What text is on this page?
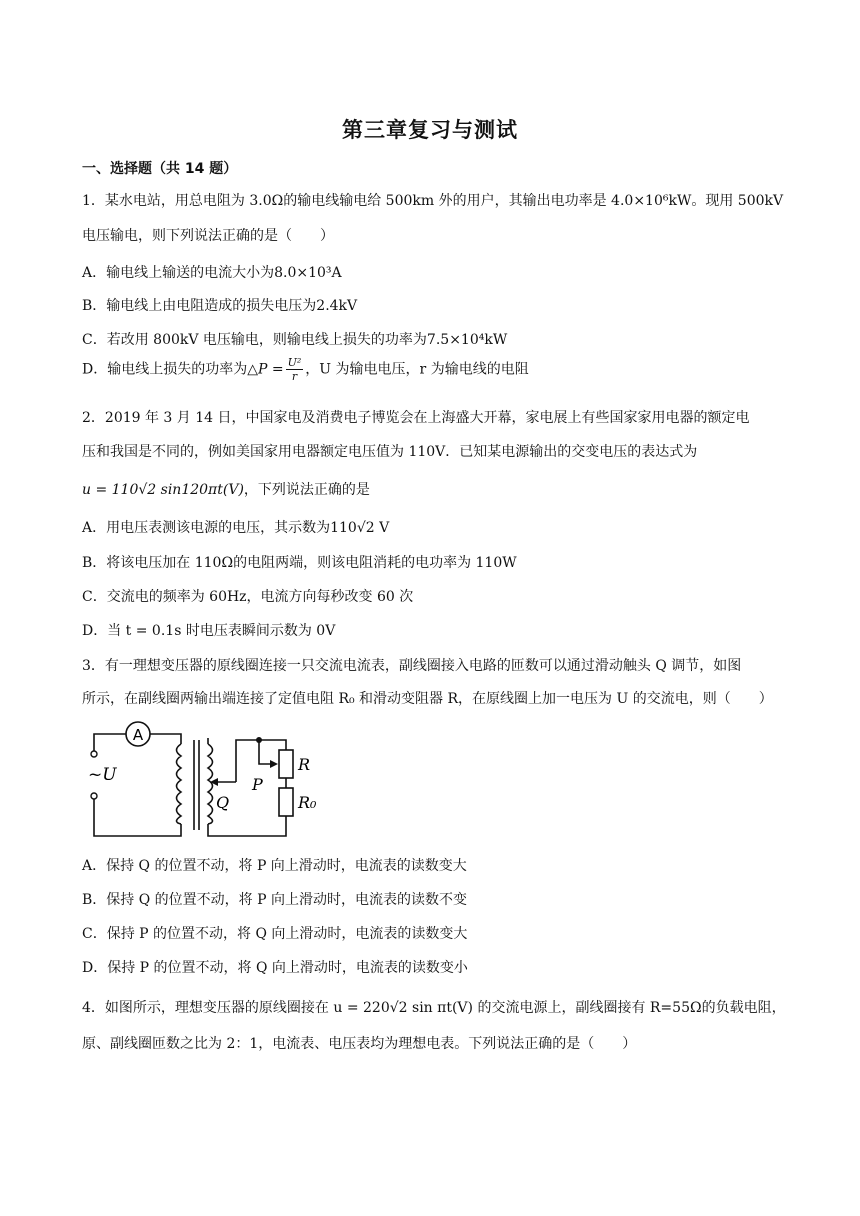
第三章复习与测试
一、选择题（共 14 题）
1．某水电站，用总电阻为 3.0Ω的输电线输电给 500km 外的用户，其输出电功率是 4.0×10⁶kW。现用 500kV
电压输电，则下列说法正确的是（　　）
A．输电线上输送的电流大小为8.0×10³A
B．输电线上由电阻造成的损失电压为2.4kV
C．若改用 800kV 电压输电，则输电线上损失的功率为7.5×10⁴kW
D．输电线上损失的功率为△P = $\frac{\text{U²}}{r}$ ，U 为输电电压，r 为输电线的电阻
2．2019 年 3 月 14 日，中国家电及消费电子博览会在上海盛大开幕，家电展上有些国家家用电器的额定电
压和我国是不同的，例如美国家用电器额定电压值为 110V．已知某电源输出的交变电压的表达式为
u = 110√2 sin120πt(V)，下列说法正确的是
A．用电压表测该电源的电压，其示数为110√2 V
B．将该电压加在 110Ω的电阻两端，则该电阻消耗的电功率为 110W
C．交流电的频率为 60Hz，电流方向每秒改变 60 次
D．当 t = 0.1s 时电压表瞬间示数为 0V
3．有一理想变压器的原线圈连接一只交流电流表，副线圈接入电路的匝数可以通过滑动触头 Q 调节，如图
所示，在副线圈两输出端连接了定值电阻 R₀ 和滑动变阻器 R，在原线圈上加一电压为 U 的交流电，则（　　）
A
~U	P
Q
R
R₀
A．保持 Q 的位置不动，将 P 向上滑动时，电流表的读数变大
B．保持 Q 的位置不动，将 P 向上滑动时，电流表的读数不变
C．保持 P 的位置不动，将 Q 向上滑动时，电流表的读数变大
D．保持 P 的位置不动，将 Q 向上滑动时，电流表的读数变小
4．如图所示，理想变压器的原线圈接在 u = 220√2 sin πt(V) 的交流电源上，副线圈接有 R=55Ω的负载电阻，
原、副线圈匝数之比为 2：1，电流表、电压表均为理想电表。下列说法正确的是（　　）
